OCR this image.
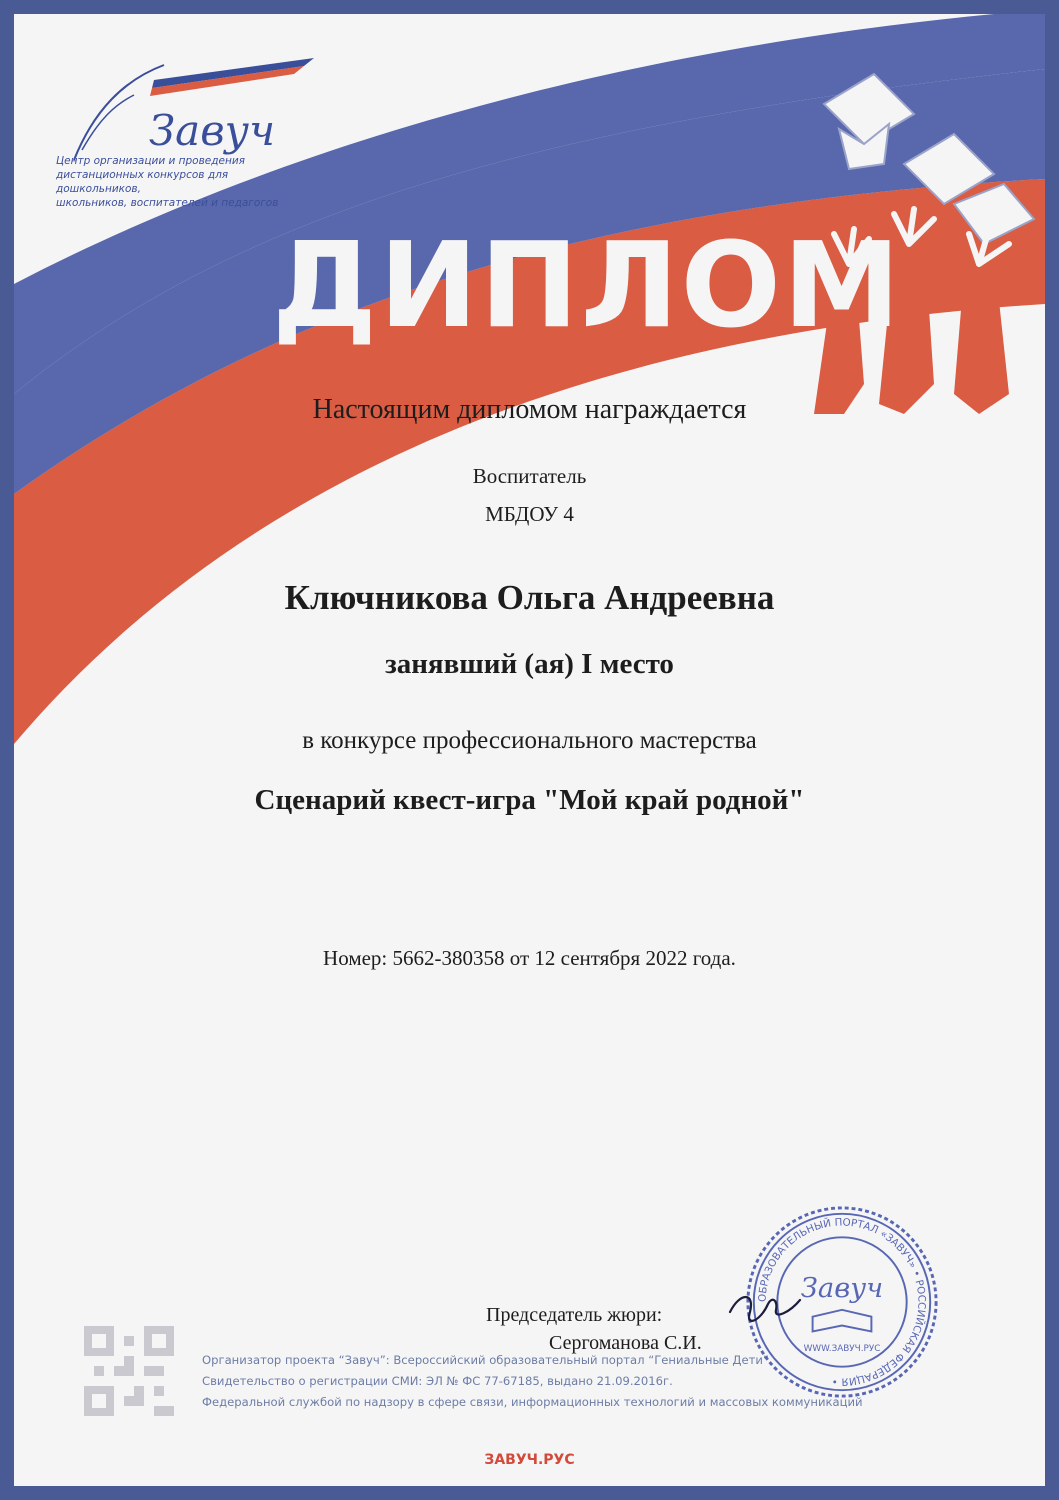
Завуч
Центр организации и проведения
дистанционных конкурсов для дошкольников,
школьников, воспитателей и педагогов
ДИПЛОМ
Настоящим дипломом награждается
Воспитатель
МБДОУ 4
Ключникова Ольга Андреевна
занявший (ая) I место
в конкурсе профессионального мастерства
Сценарий квест-игра "Мой край родной"
Номер: 5662-380358 от 12 сентября 2022 года.
Председатель жюри:
Сергоманова С.И.
Организатор проекта “Завуч”: Всероссийский образовательный портал “Гениальные Дети”
Свидетельство о регистрации СМИ: ЭЛ № ФС 77-67185, выдано 21.09.2016г.
Федеральной службой по надзору в сфере связи, информационных технологий и массовых коммуникаций
ОБРАЗОВАТЕЛЬНЫЙ ПОРТАЛ «ЗАВУЧ» • РОССИЙСКАЯ ФЕДЕРАЦИЯ •
Завуч
WWW.ЗАВУЧ.РУС
ЗАВУЧ.РУС
